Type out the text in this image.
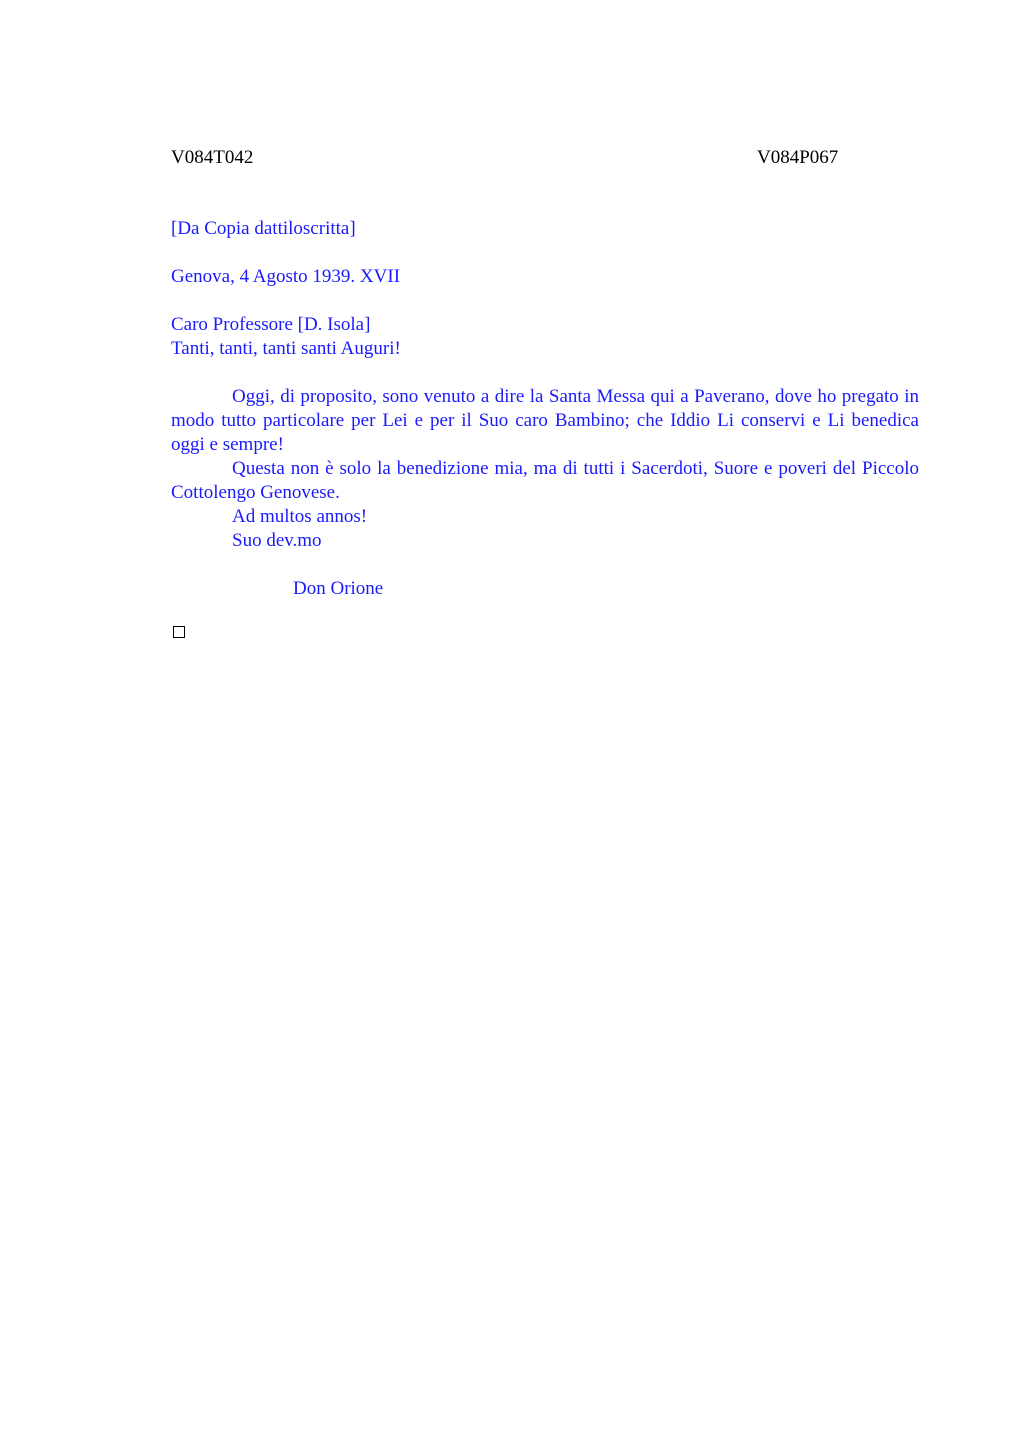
V084T042	V084P067
[Da Copia dattiloscritta]
Genova, 4 Agosto 1939. XVII
Caro Professore [D. Isola]
Tanti, tanti, tanti santi Auguri!

Oggi, di proposito, sono venuto a dire la Santa Messa qui a Paverano, dove ho pregato in modo tutto particolare per Lei e per il Suo caro Bambino; che Iddio Li conservi e Li benedica oggi e sempre!

Questa non è solo la benedizione mia, ma di tutti i Sacerdoti, Suore e poveri del Piccolo Cottolengo Genovese.

Ad multos annos!
Suo dev.mo
Don Orione
